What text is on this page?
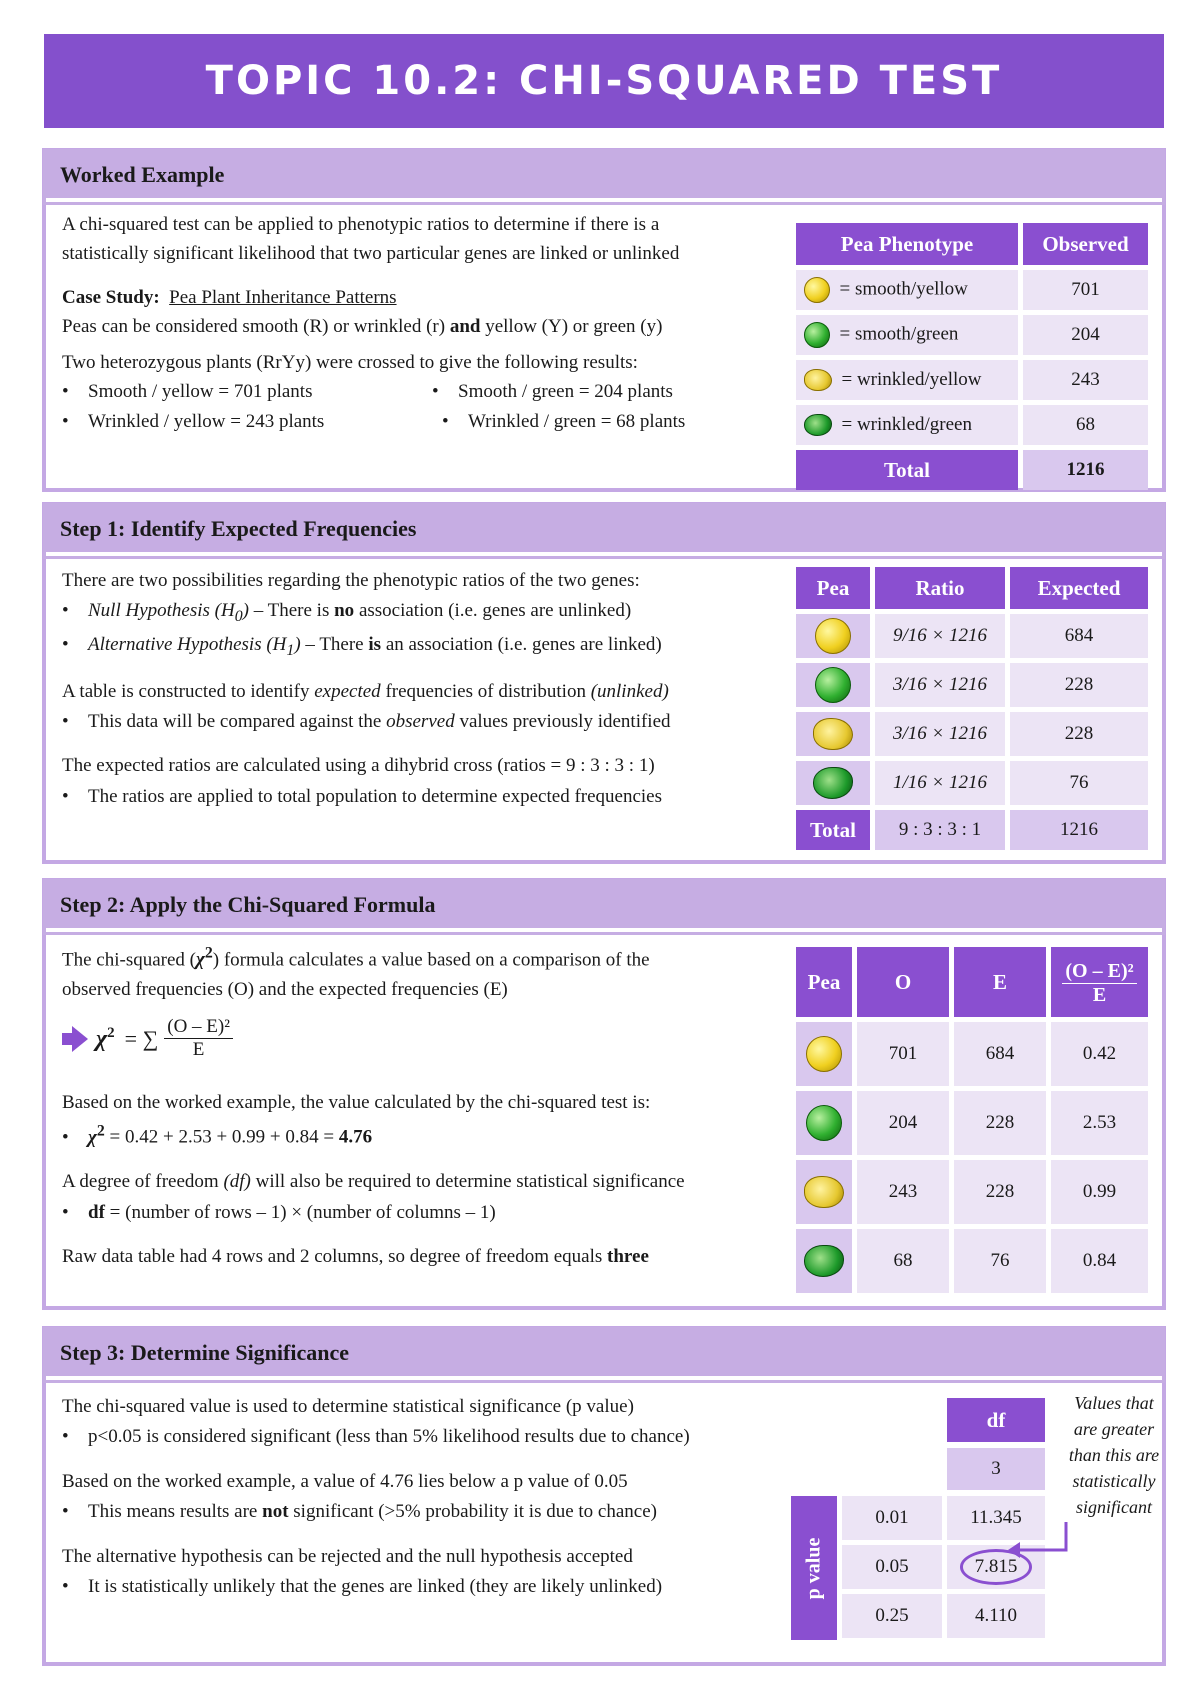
TOPIC 10.2: CHI-SQUARED TEST
Worked Example
A chi-squared test can be applied to phenotypic ratios to determine if there is a
statistically significant likelihood that two particular genes are linked or unlinked
Case Study: Pea Plant Inheritance Patterns
Peas can be considered smooth (R) or wrinkled (r) and yellow (Y) or green (y)
Two heterozygous plants (RrYy) were crossed to give the following results:
• Smooth / yellow = 701 plants	• Smooth / green = 204 plants
• Wrinkled / yellow = 243 plants	• Wrinkled / green = 68 plants
Pea Phenotype	Observed
= smooth/yellow	701
= smooth/green	204
= wrinkled/yellow	243
= wrinkled/green	68
Total	1216
Step 1: Identify Expected Frequencies
There are two possibilities regarding the phenotypic ratios of the two genes:
• Null Hypothesis $(H_0)$ – There is no association (i.e. genes are unlinked)
• Alternative Hypothesis $(H_1)$ – There is an association (i.e. genes are linked)
A table is constructed to identify expected frequencies of distribution (unlinked)
• This data will be compared against the observed values previously identified
The expected ratios are calculated using a dihybrid cross (ratios = 9 : 3 : 3 : 1)
• The ratios are applied to total population to determine expected frequencies
Pea	Ratio	Expected
	9/16 × 1216	684
	3/16 × 1216	228
	3/16 × 1216	228
	1/16 × 1216	76
Total	9 : 3 : 3 : 1	1216
Step 2: Apply the Chi-Squared Formula
The chi-squared $(\chi^2)$ formula calculates a value based on a comparison of the
observed frequencies (O) and the expected frequencies (E)
$\chi^2$ = ∑ $\frac{\text{(O – E)²}}{E}$
Based on the worked example, the value calculated by the chi-squared test is:
• $\chi^2 = 0.42 + 2.53 + 0.99 + 0.84 = 4.76$
A degree of freedom (df) will also be required to determine statistical significance
• df = (number of rows – 1) × (number of columns – 1)
Raw data table had 4 rows and 2 columns, so degree of freedom equals three
Pea	O	E	$\frac{\text{(O – E)²}}{E}$

	701	684	0.42
	204	228	2.53
	243	228	0.99
	68	76	0.84
Step 3: Determine Significance
The chi-squared value is used to determine statistical significance (p value)
• p<0.05 is considered significant (less than 5% likelihood results due to chance)
Based on the worked example, a value of 4.76 lies below a p value of 0.05
• This means results are not significant (>5% probability it is due to chance)
The alternative hypothesis can be rejected and the null hypothesis accepted
• It is statistically unlikely that the genes are linked (they are likely unlinked)
df
3
p value
0.01	11.345
0.05	7.815
0.25	4.110
Values that
are greater
than this are
statistically
significant
